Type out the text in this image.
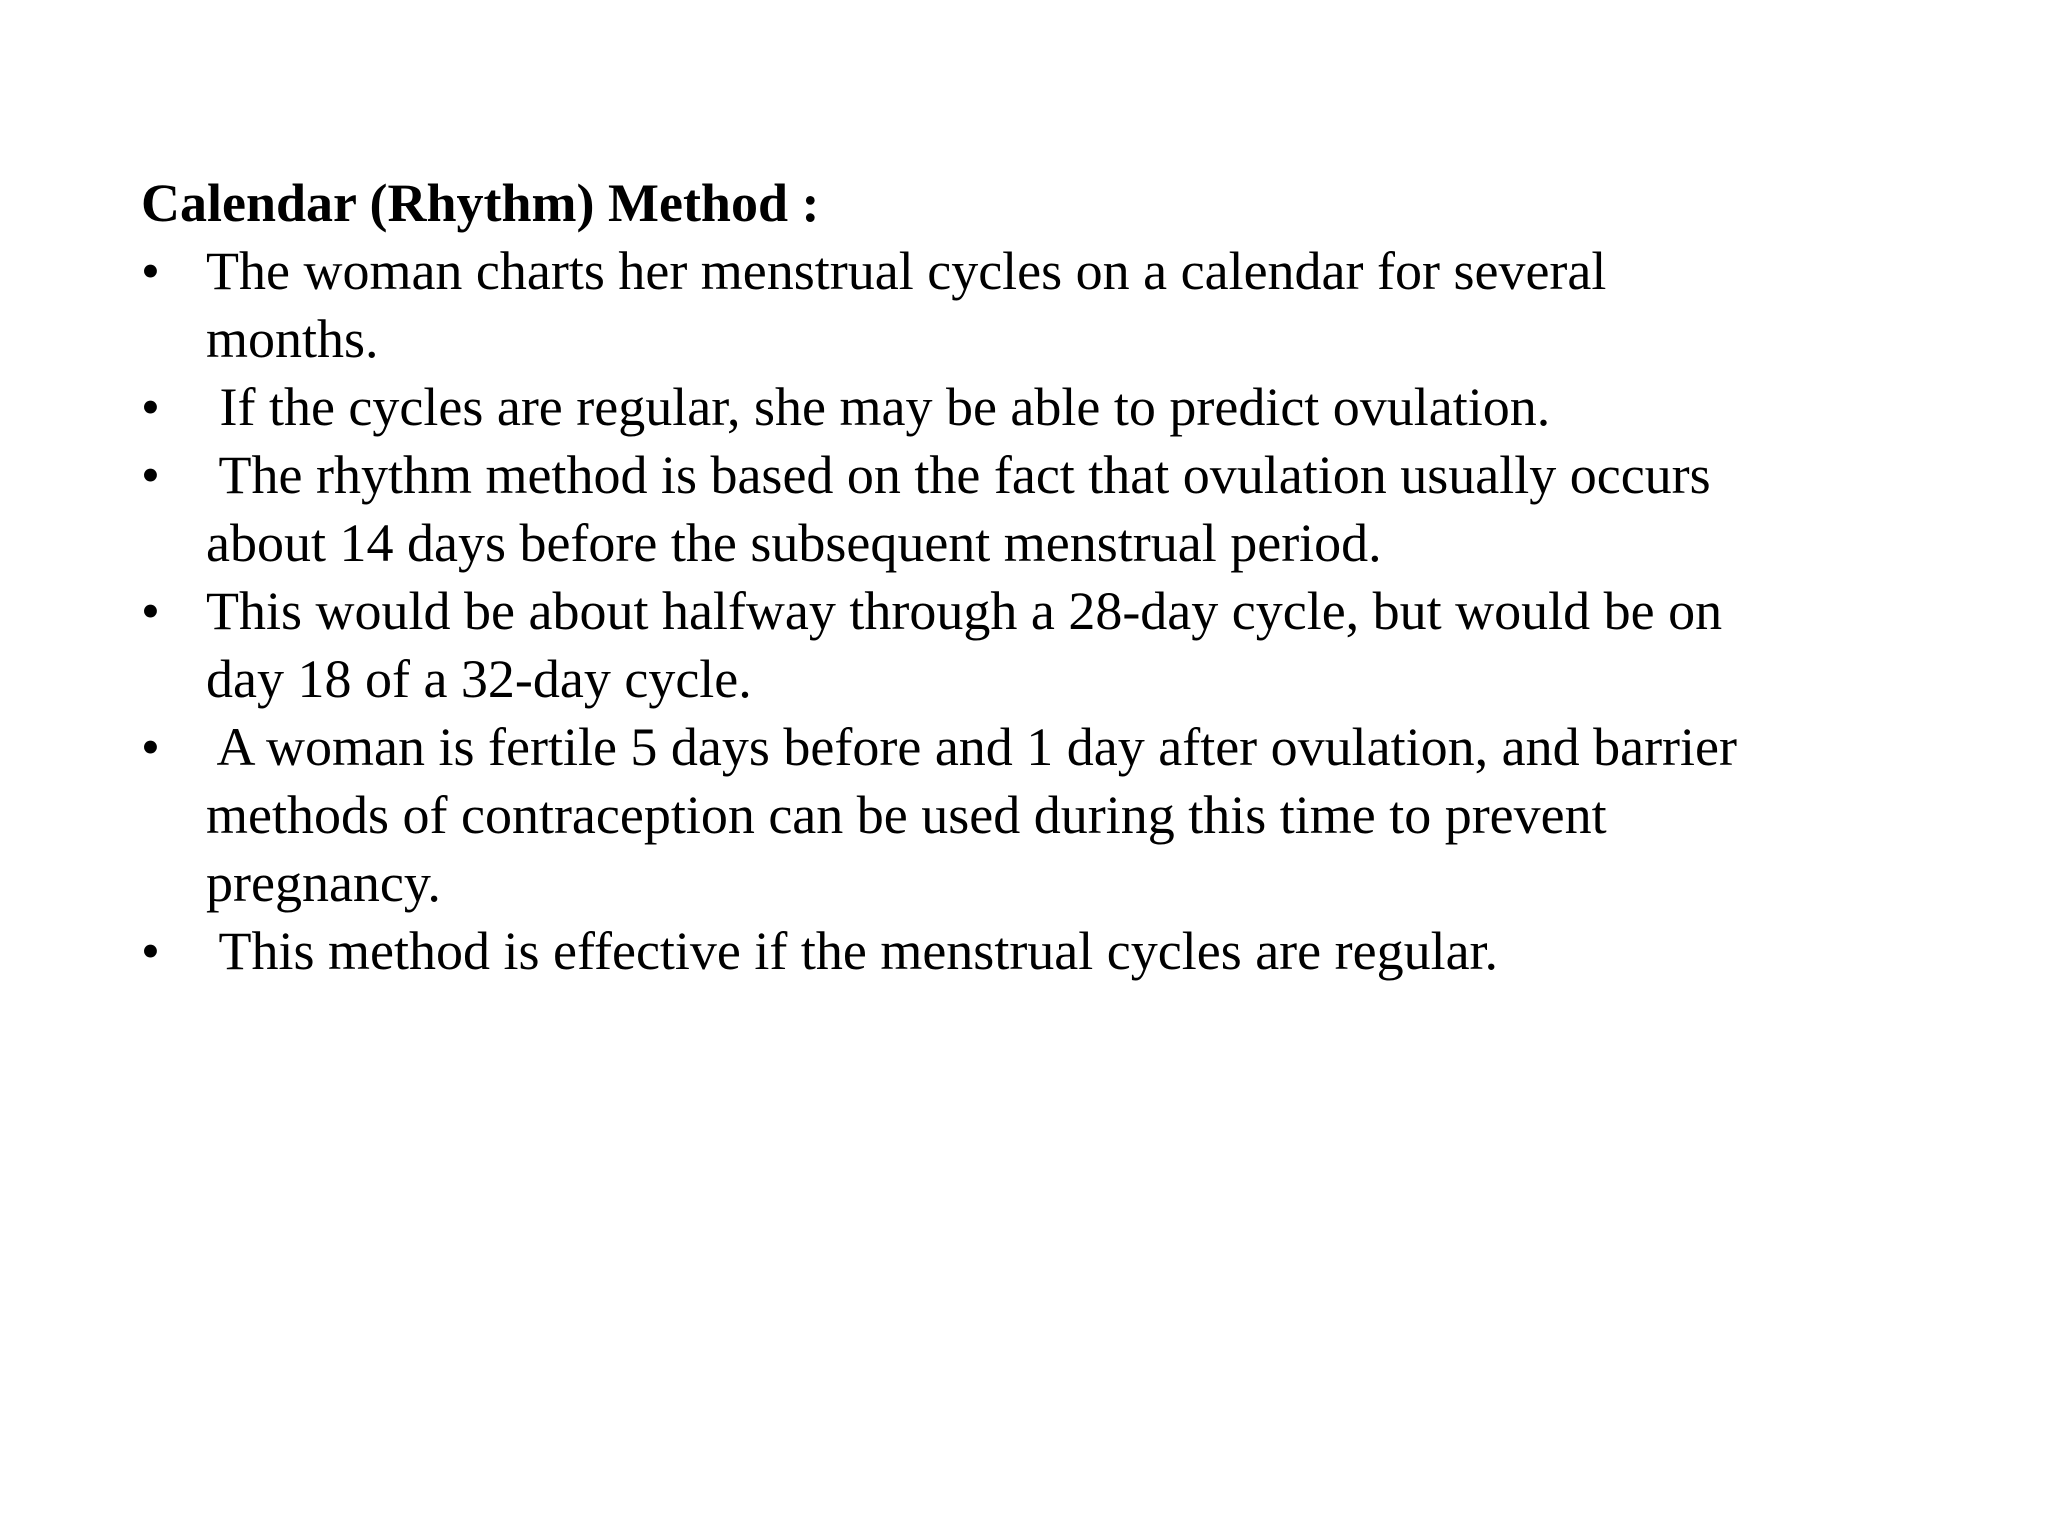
Calendar (Rhythm) Method :
• The woman charts her menstrual cycles on a calendar for several
months.
• If the cycles are regular, she may be able to predict ovulation.
• The rhythm method is based on the fact that ovulation usually occurs
about 14 days before the subsequent menstrual period.
• This would be about halfway through a 28-day cycle, but would be on
day 18 of a 32-day cycle.
• A woman is fertile 5 days before and 1 day after ovulation, and barrier
methods of contraception can be used during this time to prevent
pregnancy.
• This method is effective if the menstrual cycles are regular.
